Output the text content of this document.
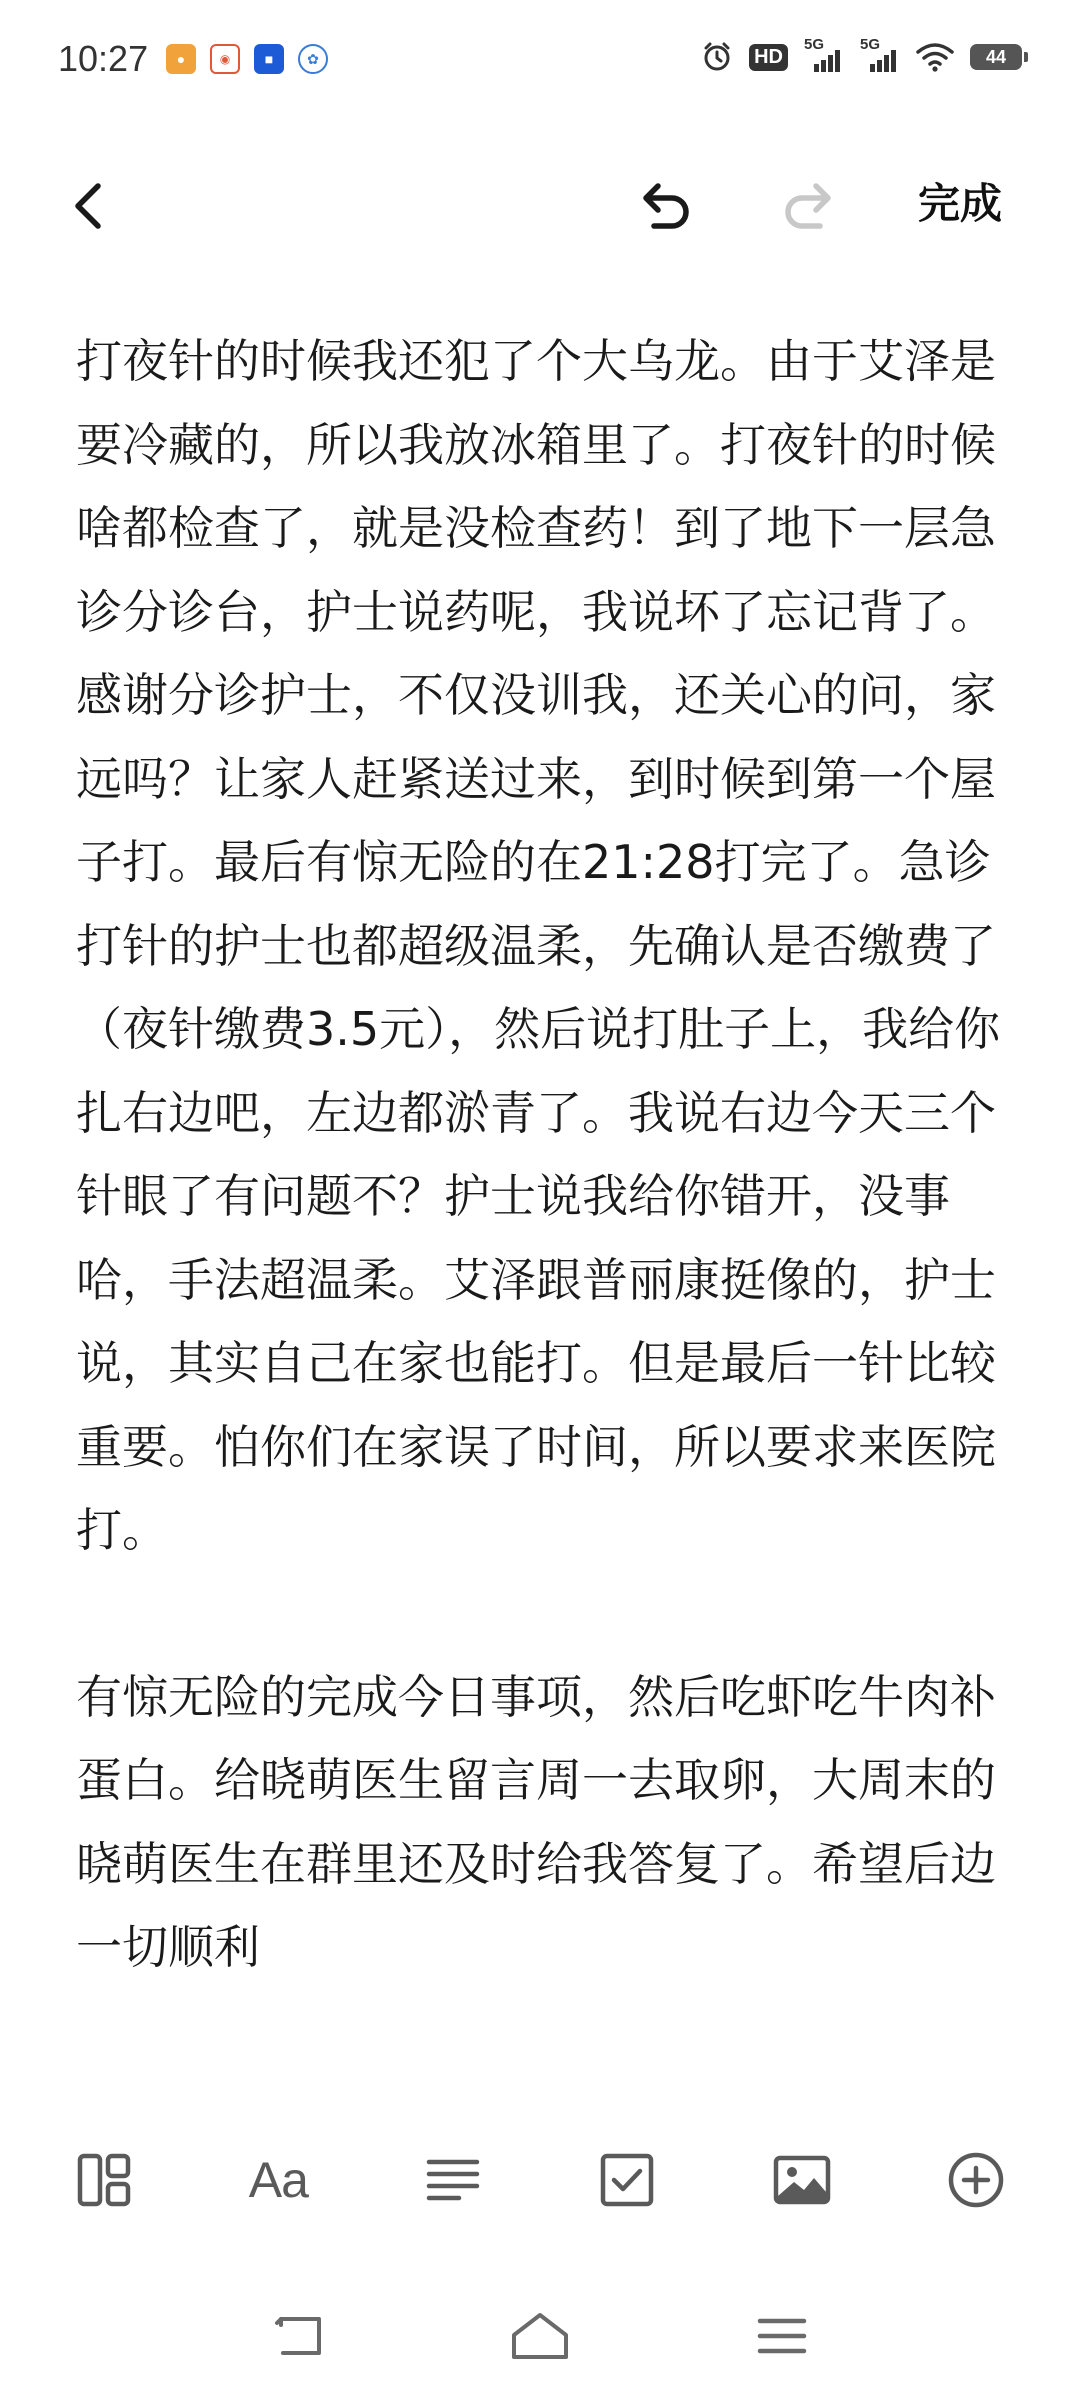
10:27	●	◉	■	✿	HD
5G 5G
44
完成

打夜针的时候我还犯了个大乌龙。由于艾泽是要冷藏的，所以我放冰箱里了。打夜针的时候啥都检查了，就是没检查药！到了地下一层急诊分诊台，护士说药呢，我说坏了忘记背了。感谢分诊护士，不仅没训我，还关心的问，家远吗？让家人赶紧送过来，到时候到第一个屋子打。最后有惊无险的在21:28打完了。急诊打针的护士也都超级温柔，先确认是否缴费了（夜针缴费3.5元），然后说打肚子上，我给你扎右边吧，左边都淤青了。我说右边今天三个针眼了有问题不？护士说我给你错开，没事哈，手法超温柔。艾泽跟普丽康挺像的，护士说，其实自己在家也能打。但是最后一针比较重要。怕你们在家误了时间，所以要求来医院打。

有惊无险的完成今日事项，然后吃虾吃牛肉补蛋白。给晓萌医生留言周一去取卵，大周末的晓萌医生在群里还及时给我答复了。希望后边一切顺利

Aa
